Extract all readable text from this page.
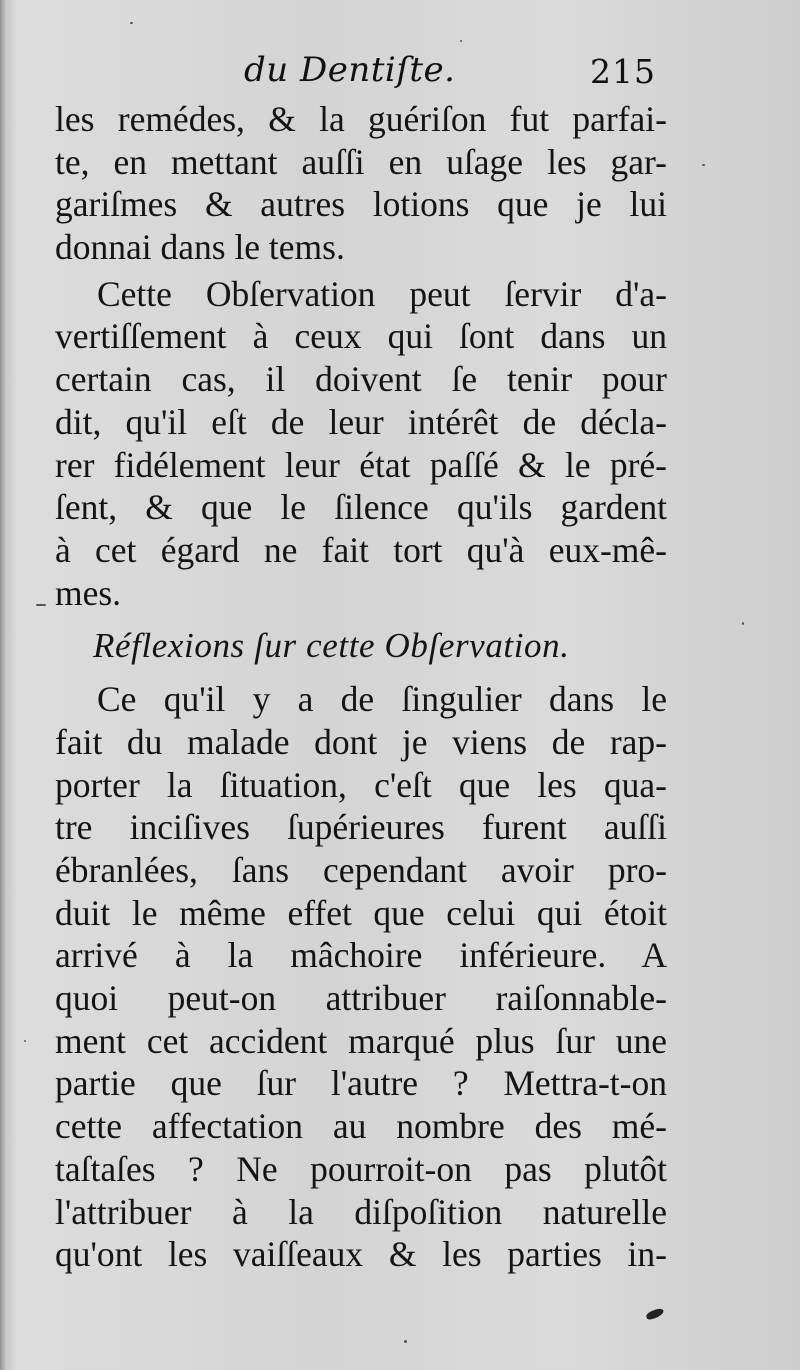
du Dentiſte.	215
les remédes, & la guériſon fut parfai-
te, en mettant auſſi en uſage les gar-
gariſmes & autres lotions que je lui
donnai dans le tems.
Cette Obſervation peut ſervir d'a-
vertiſſement à ceux qui ſont dans un
certain cas, il doivent ſe tenir pour
dit, qu'il eſt de leur intérêt de décla-
rer fidélement leur état paſſé & le pré-
ſent, & que le ſilence qu'ils gardent
à cet égard ne fait tort qu'à eux-mê-
mes.
Réflexions ſur cette Obſervation.
Ce qu'il y a de ſingulier dans le
fait du malade dont je viens de rap-
porter la ſituation, c'eſt que les qua-
tre inciſives ſupérieures furent auſſi
ébranlées, ſans cependant avoir pro-
duit le même effet que celui qui étoit
arrivé à la mâchoire inférieure. A
quoi peut-on attribuer raiſonnable-
ment cet accident marqué plus ſur une
partie que ſur l'autre ? Mettra-t-on
cette affectation au nombre des mé-
taſtaſes ? Ne pourroit-on pas plutôt
l'attribuer à la diſpoſition naturelle
qu'ont les vaiſſeaux & les parties in-
